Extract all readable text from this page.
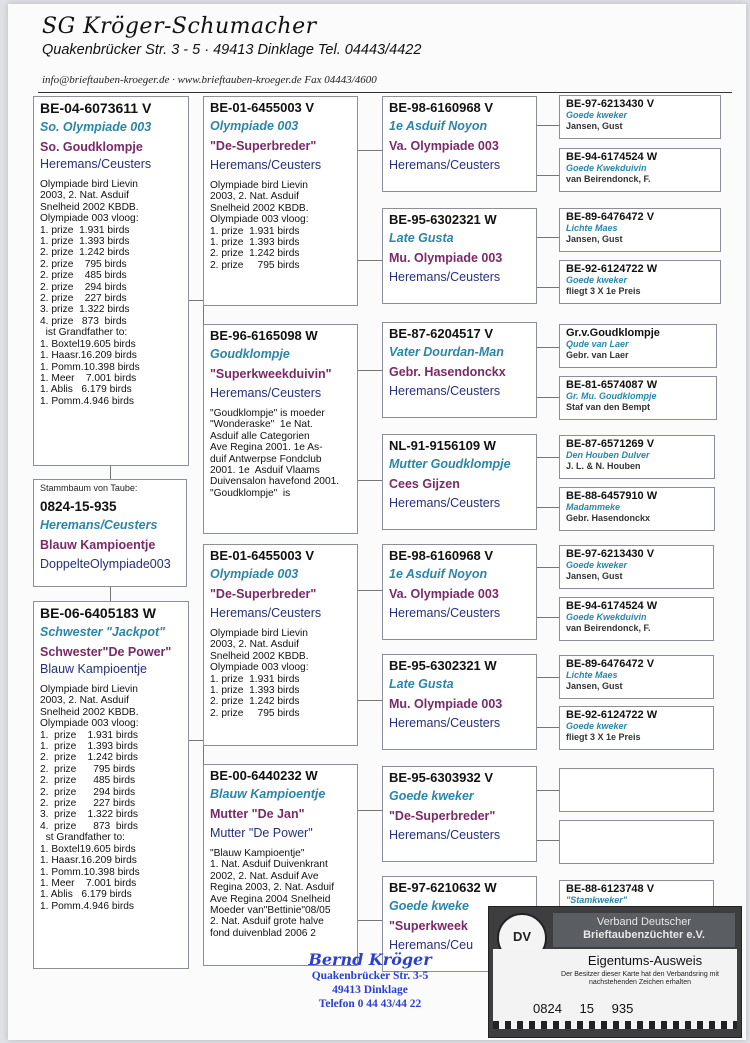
SG Kröger-Schumacher
Quakenbrücker Str. 3 - 5 · 49413 Dinklage Tel. 04443/4422
info@brieftauben-kroeger.de · www.brieftauben-kroeger.de Fax 04443/4600
BE-04-6073611 V
So. Olympiade 003
So. Goudklompje
Heremans/Ceusters
Olympiade bird Lievin
2003, 2. Nat. Asduif
Snelheid 2002 KBDB.
Olympiade 003 vloog:
1. prize  1.931 birds
1. prize  1.393 birds
2. prize  1.242 birds
2. prize    795 birds
2. prize    485 birds
2. prize    294 birds
2. prize    227 birds
3. prize  1.322 birds
4. prize   873  birds
ist Grandfather to:
1. Boxtel19.605 birds
1. Haasr.16.209 birds
1. Pomm.10.398 birds
1. Meer    7.001 birds
1. Ablis   6.179 birds
1. Pomm.4.946 birds
Stammbaum von Taube:
0824-15-935
Heremans/Ceusters
Blauw Kampioentje
DoppelteOlympiade003
BE-06-6405183 W
Schwester "Jackpot"
Schwester"De Power"
Blauw Kampioentje
Olympiade bird Lievin
2003, 2. Nat. Asduif
Snelheid 2002 KBDB.
Olympiade 003 vloog:
1.  prize    1.931 birds
1.  prize    1.393 birds
2.  prize    1.242 birds
2.  prize      795 birds
2.  prize      485 birds
2.  prize      294 birds
2.  prize      227 birds
3.  prize    1.322 birds
4.  prize      873  birds
st Grandfather to:
1. Boxtel19.605 birds
1. Haasr.16.209 birds
1. Pomm.10.398 birds
1. Meer    7.001 birds
1. Ablis   6.179 birds
1. Pomm.4.946 birds
BE-01-6455003 V
Olympiade 003
"De-Superbreder"
Heremans/Ceusters
Olympiade bird Lievin
2003, 2. Nat. Asduif
Snelheid 2002 KBDB.
Olympiade 003 vloog:
1. prize  1.931 birds
1. prize  1.393 birds
2. prize  1.242 birds
2. prize     795 birds
BE-96-6165098 W
Goudklompje
"Superkweekduivin"
Heremans/Ceusters
"Goudklompje" is moeder
"Wonderaske"  1e Nat.
Asduif alle Categorien
Ave Regina 2001. 1e As-
duif Antwerpse Fondclub
2001. 1e  Asduif Vlaams
Duivensalon havefond 2001.
"Goudklompje"  is
BE-01-6455003 V
Olympiade 003
"De-Superbreder"
Heremans/Ceusters
Olympiade bird Lievin
2003, 2. Nat. Asduif
Snelheid 2002 KBDB.
Olympiade 003 vloog:
1. prize  1.931 birds
1. prize  1.393 birds
2. prize  1.242 birds
2. prize     795 birds
BE-00-6440232 W
Blauw Kampioentje
Mutter "De Jan"
Mutter "De Power"
"Blauw Kampioentje"
1. Nat. Asduif Duivenkrant
2002, 2. Nat. Asduif Ave
Regina 2003, 2. Nat. Asduif
Ave Regina 2004 Snelheid
Moeder van"Bettinie"08/05
2. Nat. Asduif grote halve
fond duivenblad 2006 2
BE-98-6160968 V
1e Asduif Noyon
Va. Olympiade 003
Heremans/Ceusters
BE-95-6302321 W
Late Gusta
Mu. Olympiade 003
Heremans/Ceusters
BE-87-6204517 V
Vater Dourdan-Man
Gebr. Hasendonckx
Heremans/Ceusters
NL-91-9156109 W
Mutter Goudklompje
Cees Gijzen
Heremans/Ceusters
BE-98-6160968 V
1e Asduif Noyon
Va. Olympiade 003
Heremans/Ceusters
BE-95-6302321 W
Late Gusta
Mu. Olympiade 003
Heremans/Ceusters
BE-95-6303932 V
Goede kweker
"De-Superbreder"
Heremans/Ceusters
BE-97-6210632 W
Goede kweke
"Superkweek
Heremans/Ceu
BE-97-6213430 V
Goede kweker
Jansen, Gust
BE-94-6174524 W
Goede Kwekduivin
van Beirendonck, F.
BE-89-6476472 V
Lichte Maes
Jansen, Gust
BE-92-6124722 W
Goede kweker
fliegt 3 X 1e Preis
Gr.v.Goudklompje
Qude van Laer
Gebr. van Laer
BE-81-6574087 W
Gr. Mu. Goudklompje
Staf van den Bempt
BE-87-6571269 V
Den Houben Dulver
J. L. & N. Houben
BE-88-6457910 W
Madammeke
Gebr. Hasendonckx
BE-97-6213430 V
Goede kweker
Jansen, Gust
BE-94-6174524 W
Goede Kwekduivin
van Beirendonck, F.
BE-89-6476472 V
Lichte Maes
Jansen, Gust
BE-92-6124722 W
Goede kweker
fliegt 3 X 1e Preis
BE-88-6123748 V
"Stamkweker"
Bernd Kröger
Quakenbrücker Str. 3-5
49413 Dinklage
Telefon 0 44 43/44 22
DV
Verband Deutscher
Brieftaubenzüchter e.V.
Eigentums-Ausweis
Der Besitzer dieser Karte hat den Verbandsring mit nachstehenden Zeichen erhalten
0824 15 935
